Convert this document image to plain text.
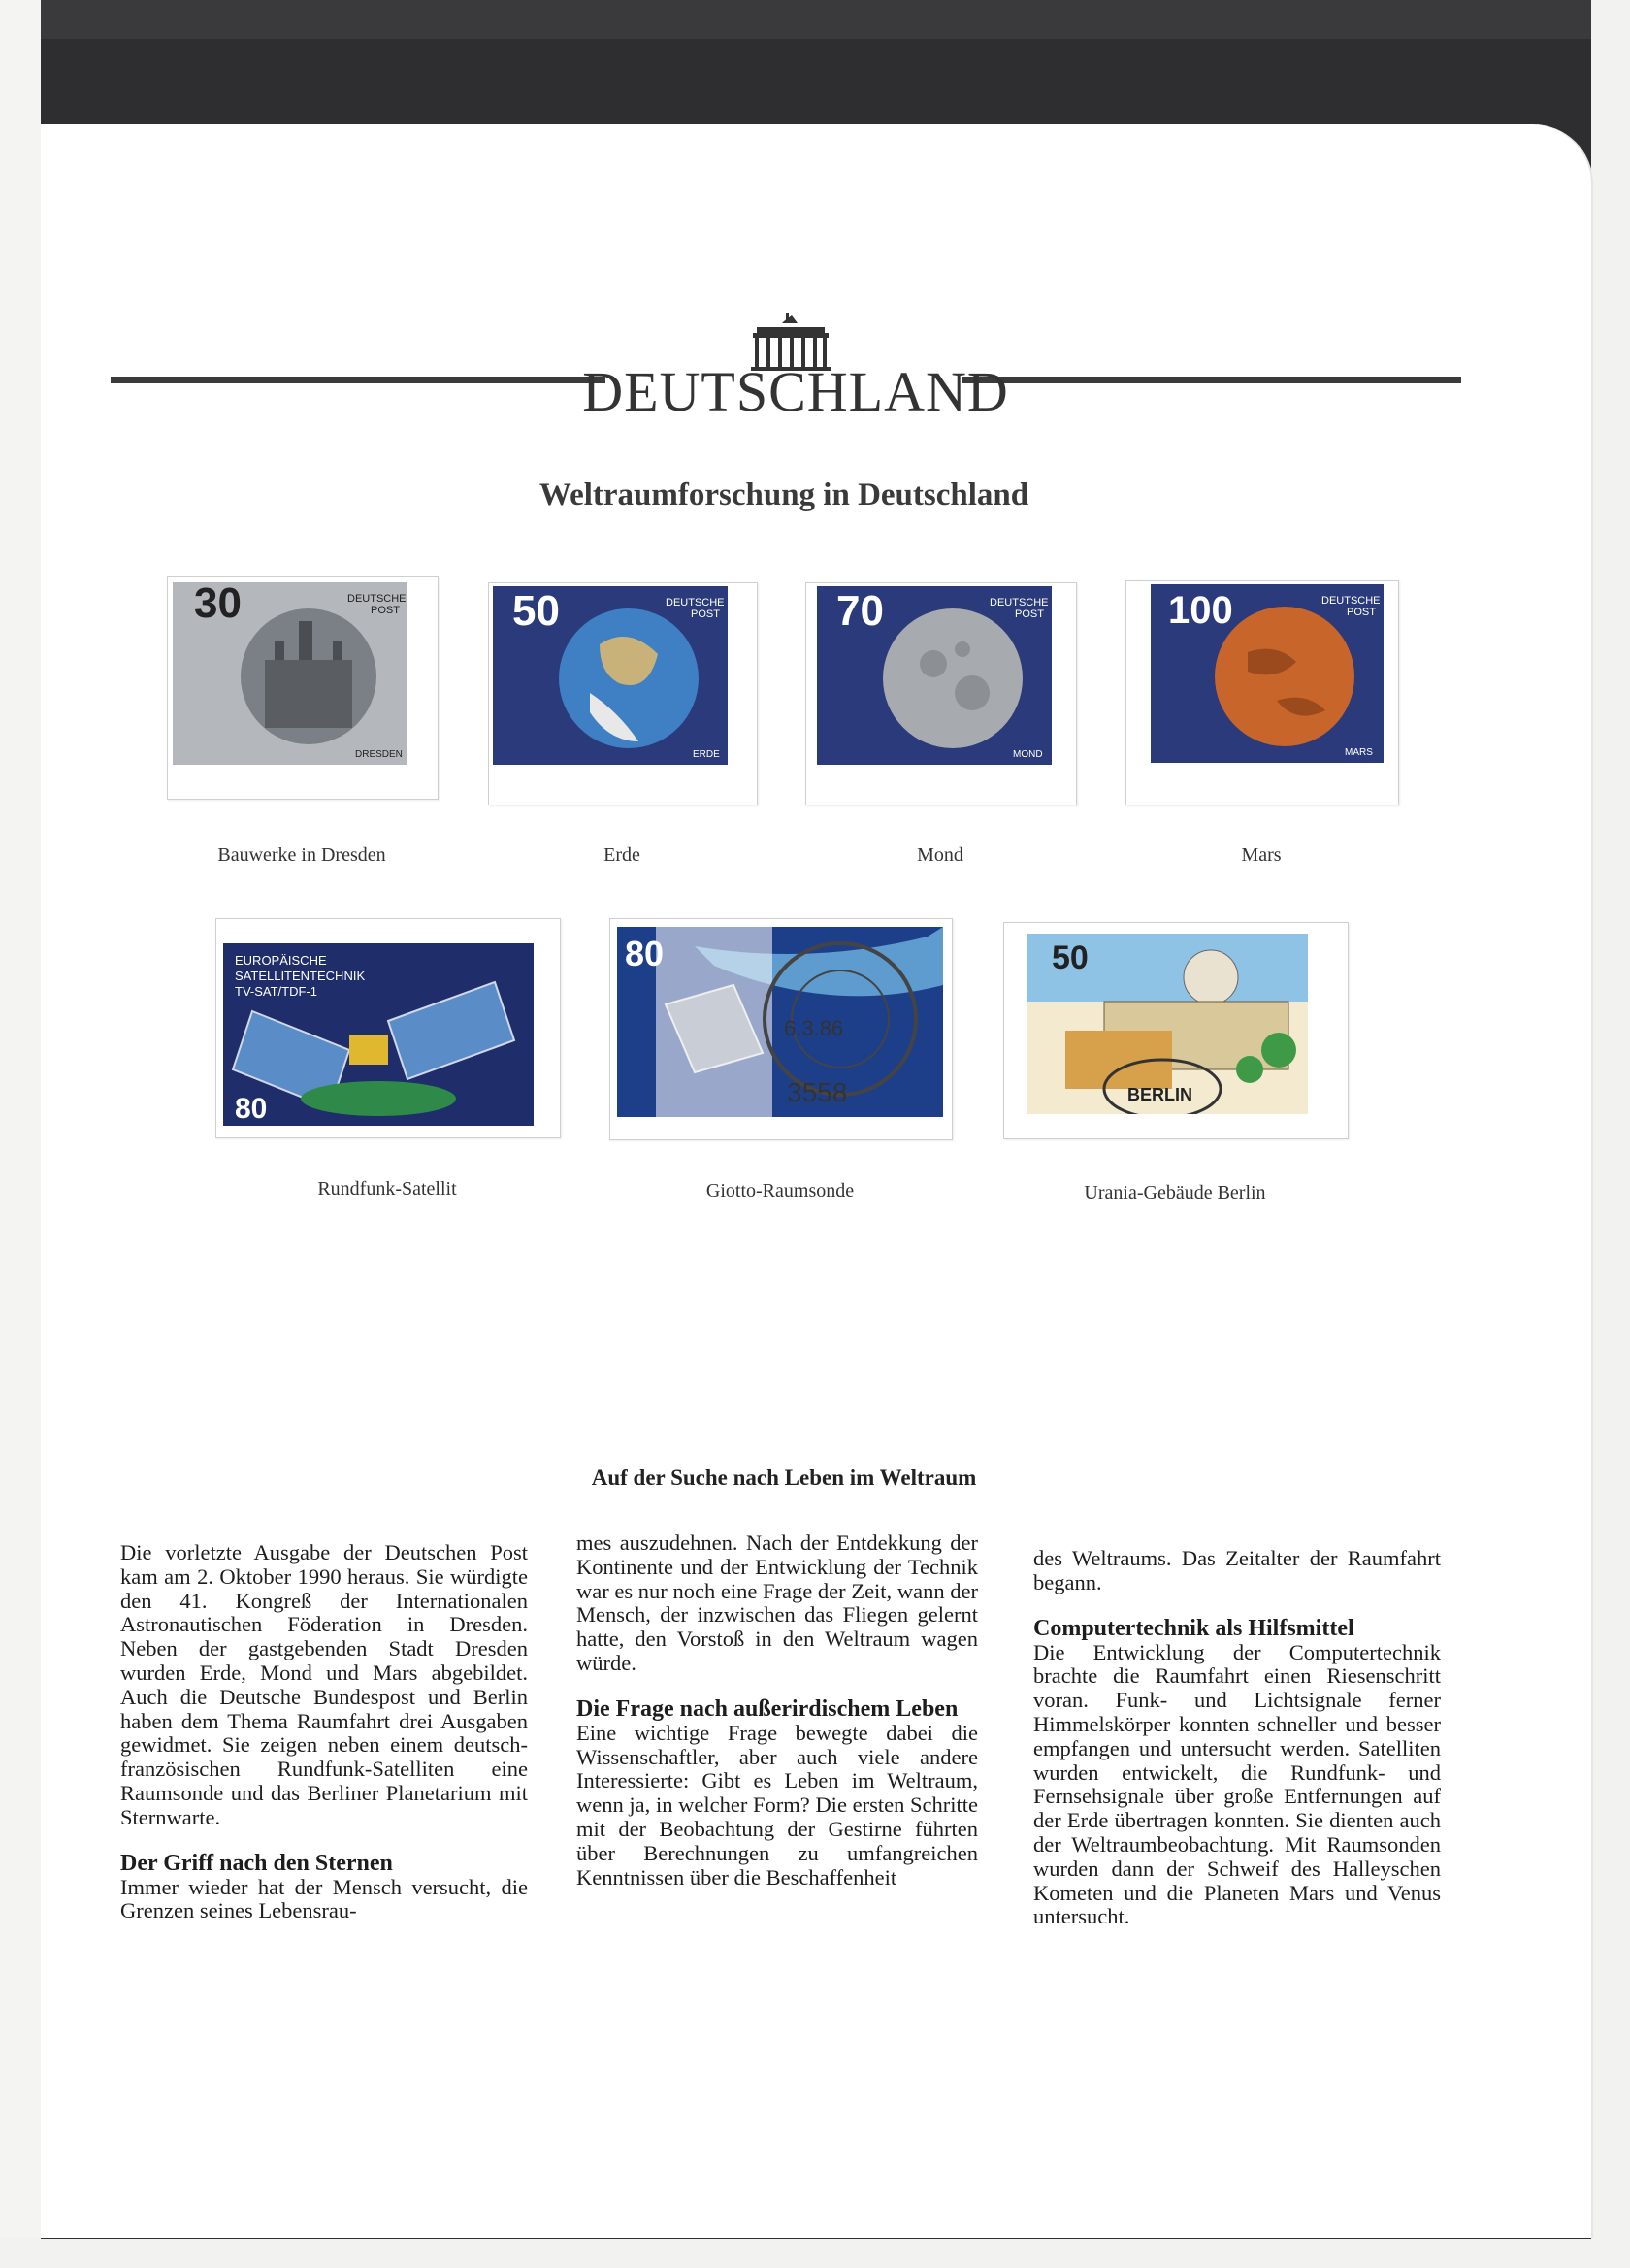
DEUTSCHLAND
Weltraumforschung in Deutschland
30	DEUTSCHE
POST
DRESDEN
Bauwerke in Dresden
50	DEUTSCHE
POST
ERDE
Erde
70	DEUTSCHE
POST
MOND
Mond
100	DEUTSCHE
POST
MARS
Mars
EUROPÄISCHE
SATELLITENTECHNIK
TV-SAT/TDF-1
80
Rundfunk-Satellit
6.3.86
3558
80
Giotto-Raumsonde
50
BERLIN
Urania-Gebäude Berlin
Auf der Suche nach Leben im Weltraum

Die vorletzte Ausgabe der Deutschen Post kam am 2. Oktober 1990 heraus. Sie würdigte den 41. Kongreß der Internationalen Astronautischen Föderation in Dresden. Neben der gastgebenden Stadt Dresden wurden Erde, Mond und Mars abgebildet. Auch die Deutsche Bundespost und Berlin haben dem Thema Raumfahrt drei Ausgaben gewidmet. Sie zeigen neben einem deutsch-französischen Rundfunk-Satelliten eine Raumsonde und das Berliner Planetarium mit Sternwarte.

Der Griff nach den Sternen

Immer wieder hat der Mensch versucht, die Grenzen seines Lebensrau-

mes auszudehnen. Nach der Entdekkung der Kontinente und der Entwicklung der Technik war es nur noch eine Frage der Zeit, wann der Mensch, der inzwischen das Fliegen gelernt hatte, den Vorstoß in den Weltraum wagen würde.

Die Frage nach außerirdischem Leben

Eine wichtige Frage bewegte dabei die Wissenschaftler, aber auch viele andere Interessierte: Gibt es Leben im Weltraum, wenn ja, in welcher Form? Die ersten Schritte mit der Beobachtung der Gestirne führten über Berechnungen zu umfangreichen Kenntnissen über die Beschaffenheit

des Weltraums. Das Zeitalter der Raumfahrt begann.

Computertechnik als Hilfsmittel

Die Entwicklung der Computertechnik brachte die Raumfahrt einen Riesenschritt voran. Funk- und Lichtsignale ferner Himmelskörper konnten schneller und besser empfangen und untersucht werden. Satelliten wurden entwickelt, die Rundfunk- und Fernsehsignale über große Entfernungen auf der Erde übertragen konnten. Sie dienten auch der Weltraumbeobachtung. Mit Raumsonden wurden dann der Schweif des Halleyschen Kometen und die Planeten Mars und Venus untersucht.
